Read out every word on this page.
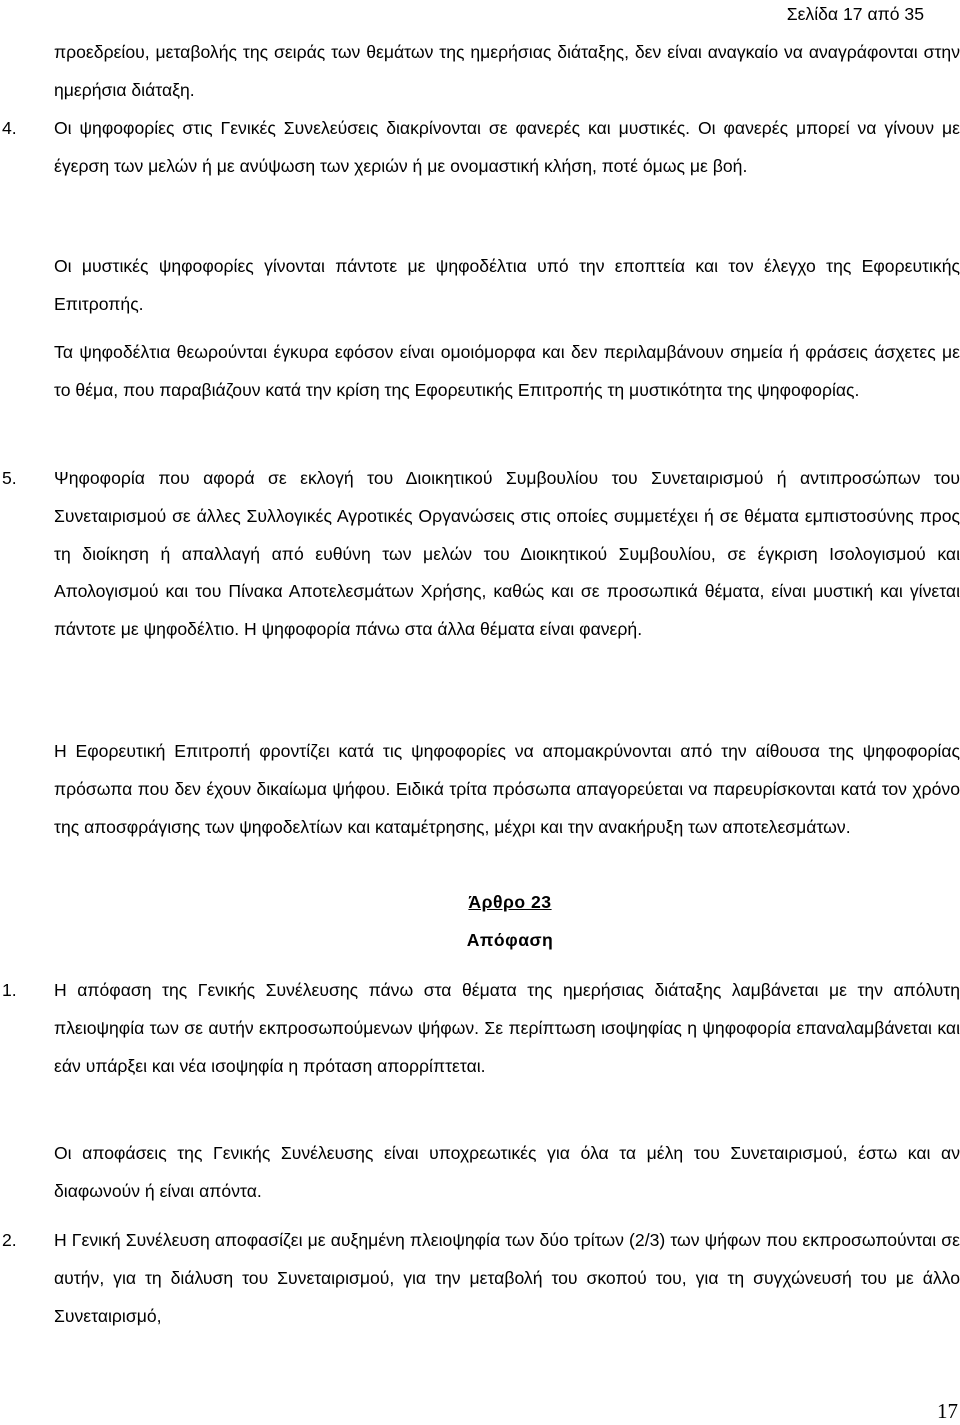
Σελίδα 17 από 35
προεδρείου, μεταβολής της σειράς των θεμάτων της ημερήσιας διάταξης, δεν είναι αναγκαίο να αναγράφονται στην ημερήσια διάταξη.
4. Οι ψηφοφορίες στις Γενικές Συνελεύσεις διακρίνονται σε φανερές και μυστικές. Οι φανερές μπορεί να γίνουν με έγερση των μελών ή με ανύψωση των χεριών ή με ονομαστική κλήση, ποτέ όμως με βοή.
Οι μυστικές ψηφοφορίες γίνονται πάντοτε με ψηφοδέλτια υπό την εποπτεία και τον έλεγχο της Εφορευτικής Επιτροπής.
Τα ψηφοδέλτια θεωρούνται έγκυρα εφόσον είναι ομοιόμορφα και δεν περιλαμβάνουν σημεία ή φράσεις άσχετες με το θέμα, που παραβιάζουν κατά την κρίση της Εφορευτικής Επιτροπής τη μυστικότητα της ψηφοφορίας.
5. Ψηφοφορία που αφορά σε εκλογή του Διοικητικού Συμβουλίου του Συνεταιρισμού ή αντιπροσώπων του Συνεταιρισμού σε άλλες Συλλογικές Αγροτικές Οργανώσεις στις οποίες συμμετέχει ή σε θέματα εμπιστοσύνης προς τη διοίκηση ή απαλλαγή από ευθύνη των μελών του Διοικητικού Συμβουλίου, σε έγκριση Ισολογισμού και Απολογισμού και του Πίνακα Αποτελεσμάτων Χρήσης, καθώς και σε προσωπικά θέματα, είναι μυστική και γίνεται πάντοτε με ψηφοδέλτιο. Η ψηφοφορία πάνω στα άλλα θέματα είναι φανερή.
Η Εφορευτική Επιτροπή φροντίζει κατά τις ψηφοφορίες να απομακρύνονται από την αίθουσα της ψηφοφορίας πρόσωπα που δεν έχουν δικαίωμα ψήφου. Ειδικά τρίτα πρόσωπα απαγορεύεται να παρευρίσκονται κατά τον χρόνο της αποσφράγισης των ψηφοδελτίων και καταμέτρησης, μέχρι και την ανακήρυξη των αποτελεσμάτων.
Άρθρο 23
Απόφαση
1. Η απόφαση της Γενικής Συνέλευσης πάνω στα θέματα της ημερήσιας διάταξης λαμβάνεται με την απόλυτη πλειοψηφία των σε αυτήν εκπροσωπούμενων ψήφων. Σε περίπτωση ισοψηφίας η ψηφοφορία επαναλαμβάνεται και εάν υπάρξει και νέα ισοψηφία η πρόταση απορρίπτεται.
Οι αποφάσεις της Γενικής Συνέλευσης είναι υποχρεωτικές για όλα τα μέλη του Συνεταιρισμού, έστω και αν διαφωνούν ή είναι απόντα.
2. Η Γενική Συνέλευση αποφασίζει με αυξημένη πλειοψηφία των δύο τρίτων (2/3) των ψήφων που εκπροσωπούνται σε αυτήν, για τη διάλυση του Συνεταιρισμού, για την μεταβολή του σκοπού του, για τη συγχώνευσή του με άλλο Συνεταιρισμό,
17
